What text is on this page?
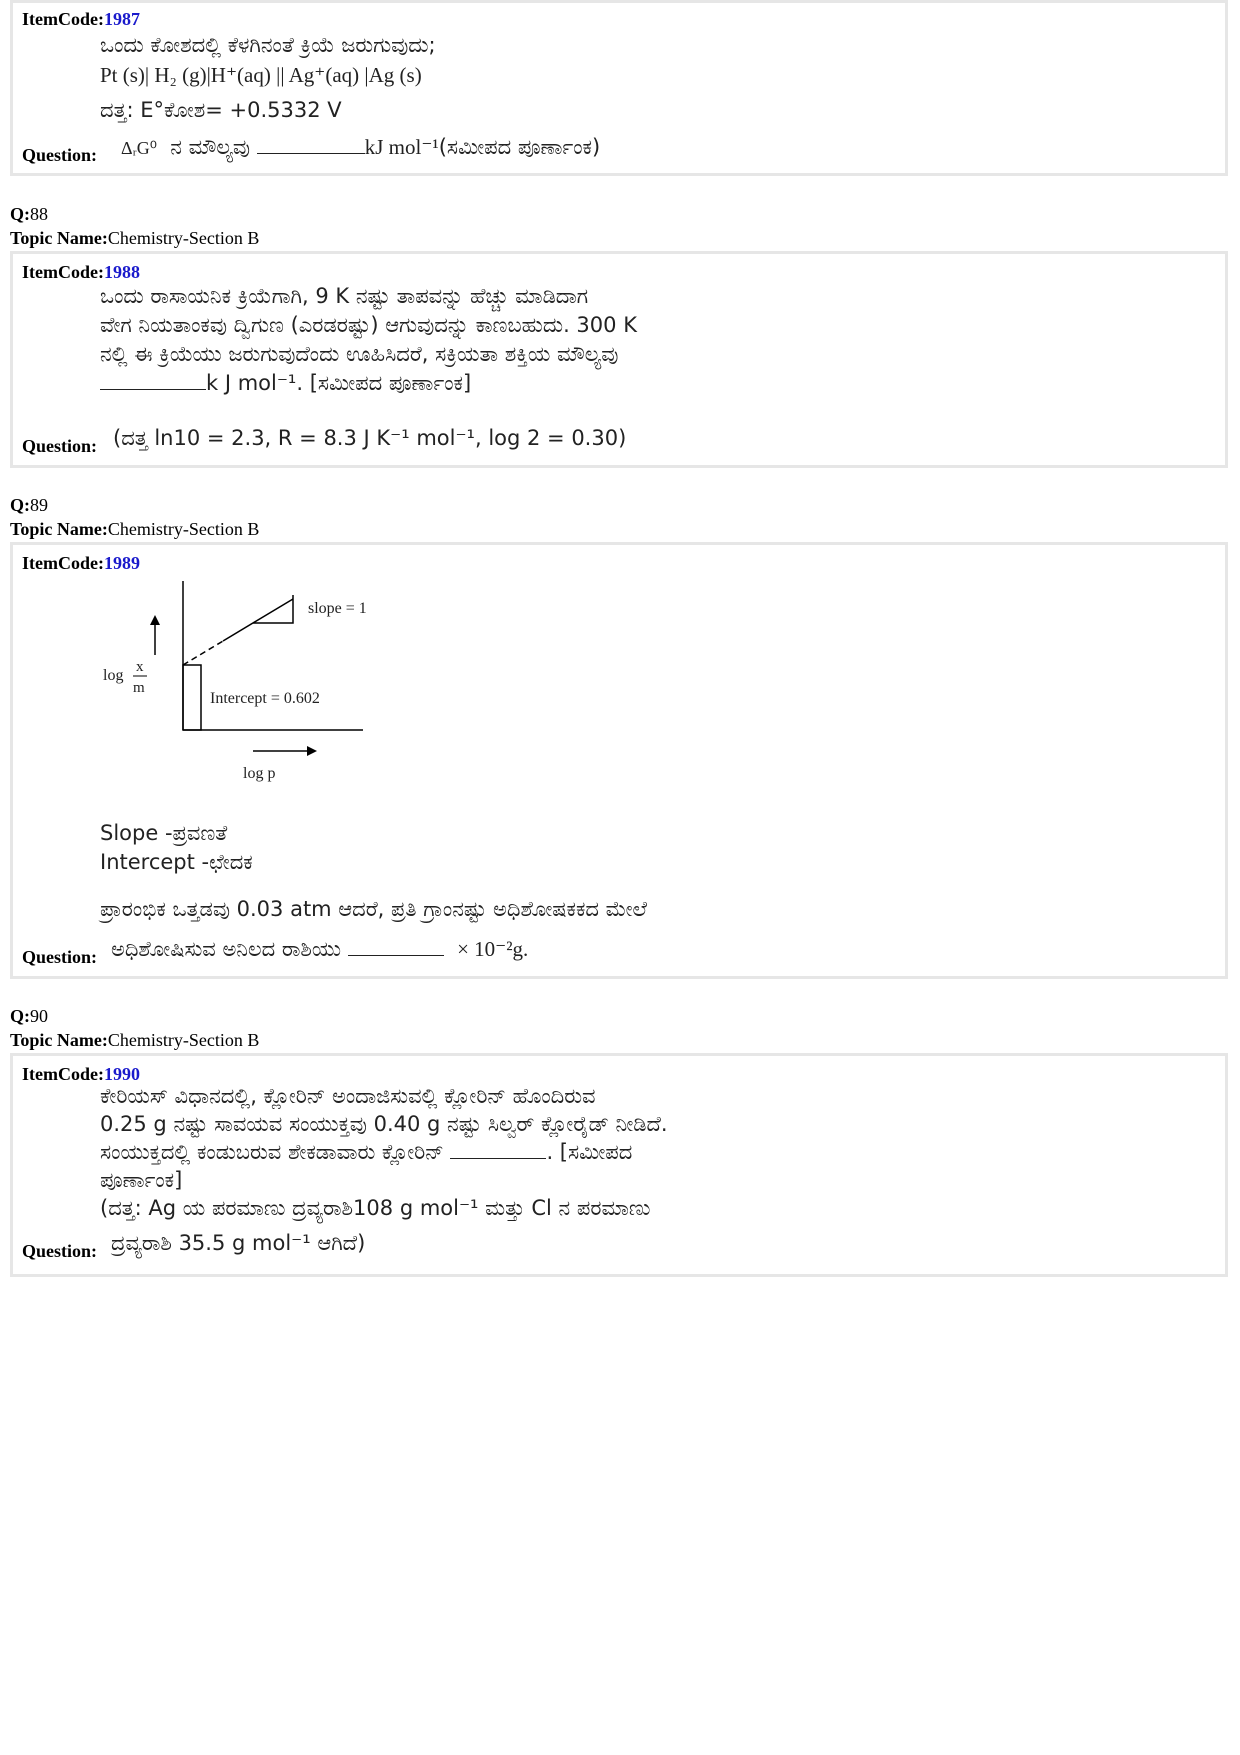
ItemCode:1987
ಒಂದು ಕೋಶದಲ್ಲಿ ಕೆಳಗಿನಂತೆ ಕ್ರಿಯೆ ಜರುಗುವುದು;
Pt (s)| H₂ (g)|H⁺(aq) || Ag⁺(aq) |Ag (s)
ದತ್ತ: E°ಕೋಶ= +0.5332 V
Question: ΔᵣG⁰ ನ ಮೌಲ್ಯವು	kJ mol⁻¹(ಸಮೀಪದ ಪೂರ್ಣಾಂಕ)
Q:88
Topic Name:Chemistry-Section B
ItemCode:1988
ಒಂದು ರಾಸಾಯನಿಕ ಕ್ರಿಯೆಗಾಗಿ, 9 K ನಷ್ಟು ತಾಪವನ್ನು ಹೆಚ್ಚು ಮಾಡಿದಾಗ
ವೇಗ ನಿಯತಾಂಕವು ದ್ವಿಗುಣ (ಎರಡರಷ್ಟು) ಆಗುವುದನ್ನು ಕಾಣಬಹುದು. 300 K
ನಲ್ಲಿ ಈ ಕ್ರಿಯೆಯು ಜರುಗುವುದೆಂದು ಊಹಿಸಿದರೆ, ಸಕ್ರಿಯತಾ ಶಕ್ತಿಯ ಮೌಲ್ಯವು
k J mol⁻¹. [ಸಮೀಪದ ಪೂರ್ಣಾಂಕ]
Question: (ದತ್ತ ln10 = 2.3, R = 8.3 J K⁻¹ mol⁻¹, log 2 = 0.30)
Q:89
Topic Name:Chemistry-Section B
ItemCode:1989
slope = 1
Intercept = 0.602
log x
m
log p
Slope -ಪ್ರವಣತೆ
Intercept -ಛೇದಕ
ಪ್ರಾರಂಭಿಕ ಒತ್ತಡವು 0.03 atm ಆದರೆ, ಪ್ರತಿ ಗ್ರಾಂನಷ್ಟು ಅಧಿಶೋಷಕಕದ ಮೇಲೆ
Question: ಅಧಿಶೋಷಿಸುವ ಅನಿಲದ ರಾಶಿಯು	× 10⁻²g.
Q:90
Topic Name:Chemistry-Section B
ItemCode:1990
ಕೇರಿಯಸ್ ವಿಧಾನದಲ್ಲಿ, ಕ್ಲೋರಿನ್ ಅಂದಾಜಿಸುವಲ್ಲಿ ಕ್ಲೋರಿನ್ ಹೊಂದಿರುವ
0.25 g ನಷ್ಟು ಸಾವಯವ ಸಂಯುಕ್ತವು 0.40 g ನಷ್ಟು ಸಿಲ್ವರ್ ಕ್ಲೋರೈಡ್ ನೀಡಿದೆ.
ಸಂಯುಕ್ತದಲ್ಲಿ ಕಂಡುಬರುವ ಶೇಕಡಾವಾರು ಕ್ಲೋರಿನ್	. [ಸಮೀಪದ
ಪೂರ್ಣಾಂಕ]
(ದತ್ತ: Ag ಯ ಪರಮಾಣು ದ್ರವ್ಯರಾಶಿ108 g mol⁻¹ ಮತ್ತು Cl ನ ಪರಮಾಣು
Question: ದ್ರವ್ಯರಾಶಿ 35.5 g mol⁻¹ ಆಗಿದೆ)
